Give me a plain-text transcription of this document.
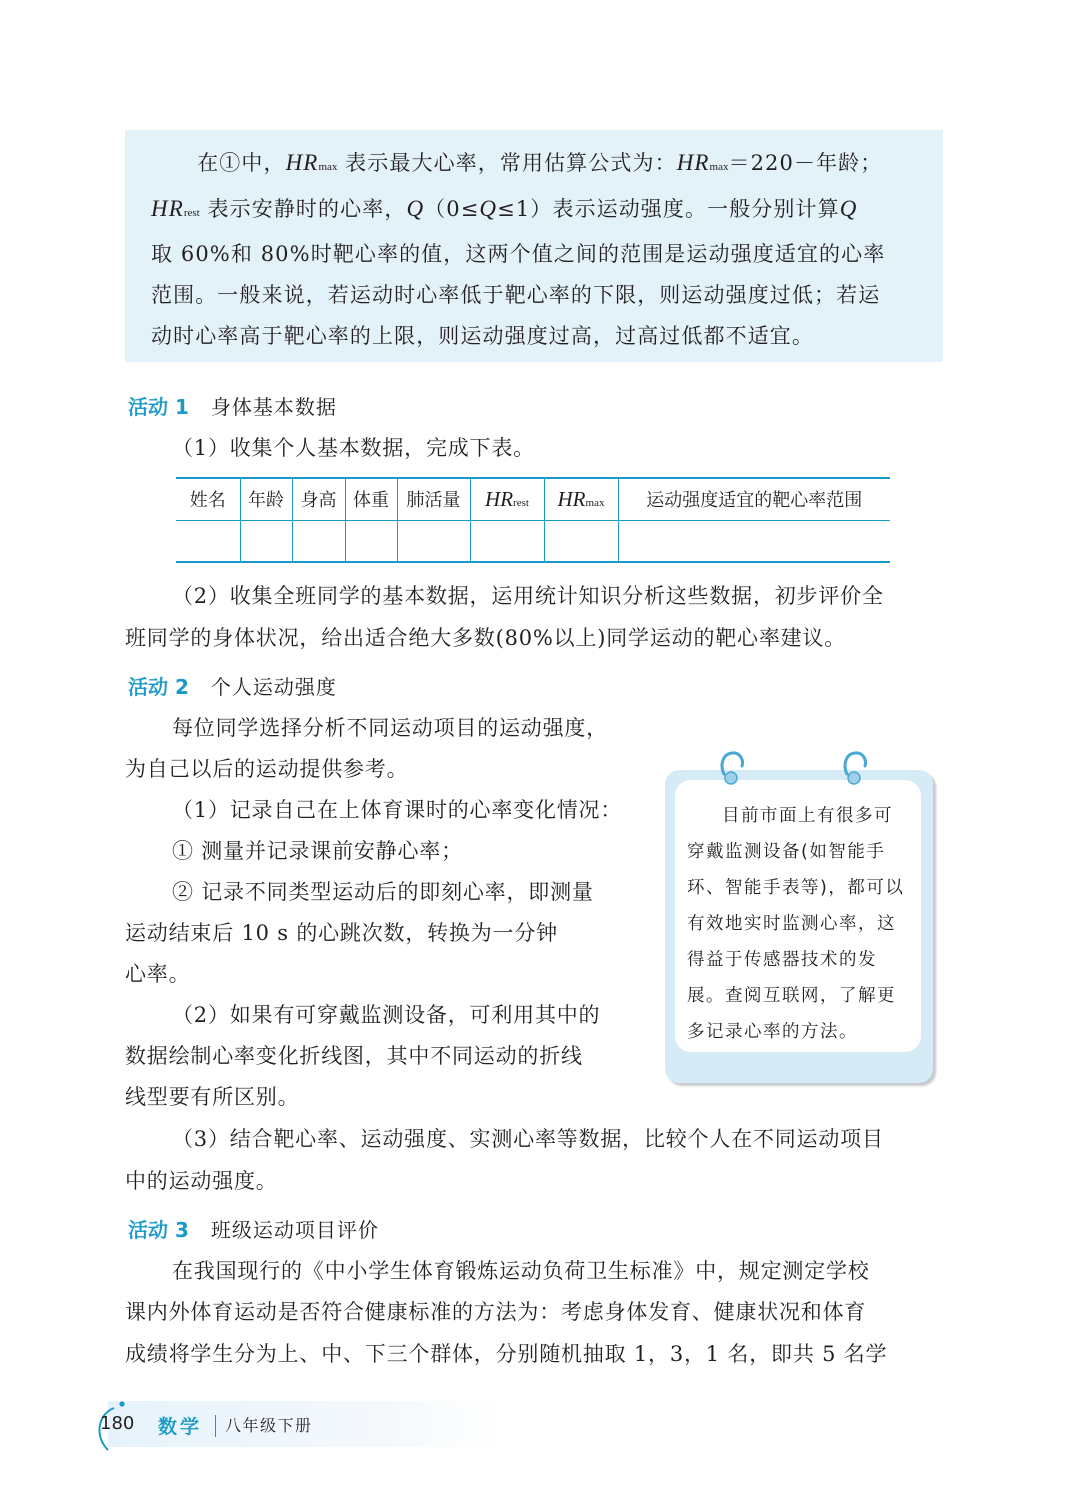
在①中，HRmax 表示最大心率，常用估算公式为：HRmax＝220－年龄；

HRrest 表示安静时的心率，Q（0≤Q≤1）表示运动强度。一般分别计算Q

取 60%和 80%时靶心率的值，这两个值之间的范围是运动强度适宜的心率

范围。一般来说，若运动时心率低于靶心率的下限，则运动强度过低；若运

动时心率高于靶心率的上限，则运动强度过高，过高过低都不适宜。

活动 1 身体基本数据
（1）收集个人基本数据，完成下表。
姓名	年龄	身高	体重	肺活量	HRrest	HRmax	运动强度适宜的靶心率范围

（2）收集全班同学的基本数据，运用统计知识分析这些数据，初步评价全
班同学的身体状况，给出适合绝大多数(80%以上)同学运动的靶心率建议。
活动 2 个人运动强度
每位同学选择分析不同运动项目的运动强度，
为自己以后的运动提供参考。
（1）记录自己在上体育课时的心率变化情况：
① 测量并记录课前安静心率；
② 记录不同类型运动后的即刻心率，即测量
运动结束后 10 s 的心跳次数，转换为一分钟
心率。
（2）如果有可穿戴监测设备，可利用其中的
数据绘制心率变化折线图，其中不同运动的折线
线型要有所区别。
（3）结合靶心率、运动强度、实测心率等数据，比较个人在不同运动项目
中的运动强度。
目前市面上有很多可
穿戴监测设备(如智能手
环、智能手表等)，都可以
有效地实时监测心率，这
得益于传感器技术的发
展。查阅互联网，了解更
多记录心率的方法。
活动 3 班级运动项目评价
在我国现行的《中小学生体育锻炼运动负荷卫生标准》中，规定测定学校
课内外体育运动是否符合健康标准的方法为：考虑身体发育、健康状况和体育
成绩将学生分为上、中、下三个群体，分别随机抽取 1，3，1 名，即共 5 名学
180 数学 八年级下册
